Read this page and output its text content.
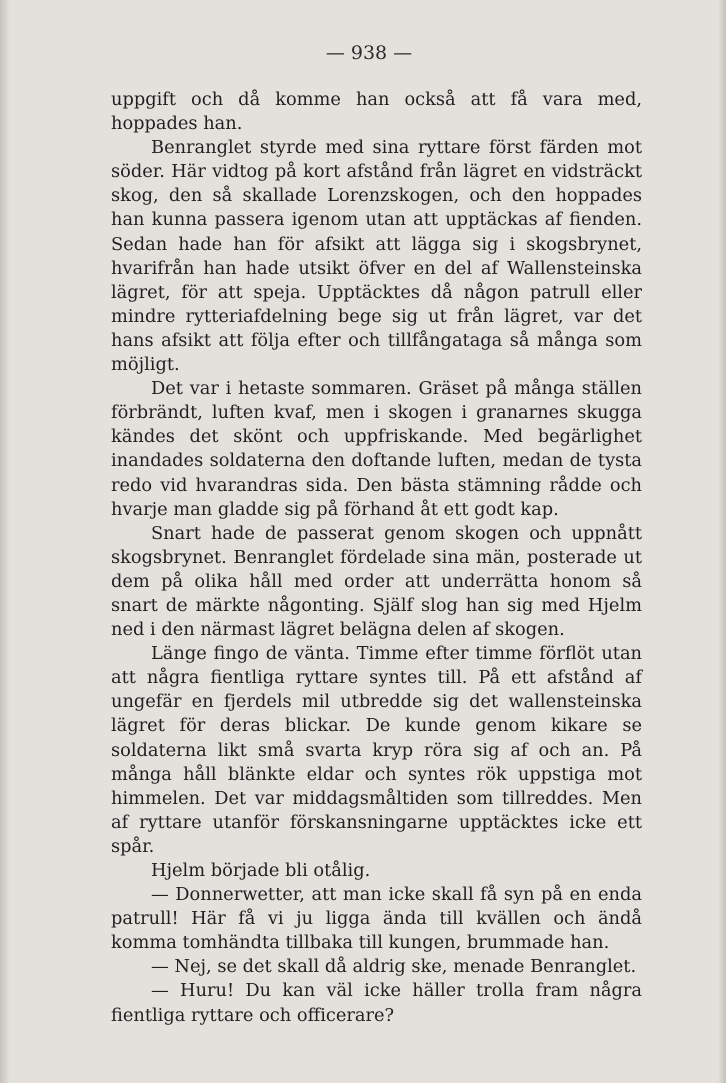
— 938 —

uppgift och då komme han också att få vara med, hoppades han.

Benranglet styrde med sina ryttare först färden mot söder. Här vidtog på kort afstånd från lägret en vidsträckt skog, den så skallade Lorenzskogen, och den hoppades han kunna passera igenom utan att upptäckas af fienden. Sedan hade han för afsikt att lägga sig i skogsbrynet, hvarifrån han hade utsikt öfver en del af Wallensteinska lägret, för att speja. Upptäcktes då någon patrull eller mindre rytteriafdelning bege sig ut från lägret, var det hans afsikt att följa efter och tillfångataga så många som möjligt.

Det var i hetaste sommaren. Gräset på många ställen förbrändt, luften kvaf, men i skogen i granarnes skugga kändes det skönt och uppfriskande. Med begärlighet inandades soldaterna den doftande luften, medan de tysta redo vid hvarandras sida. Den bästa stämning rådde och hvarje man gladde sig på förhand åt ett godt kap.

Snart hade de passerat genom skogen och uppnått skogsbrynet. Benranglet fördelade sina män, posterade ut dem på olika håll med order att underrätta honom så snart de märkte någonting. Själf slog han sig med Hjelm ned i den närmast lägret belägna delen af skogen.

Länge fingo de vänta. Timme efter timme förflöt utan att några fientliga ryttare syntes till. På ett afstånd af ungefär en fjerdels mil utbredde sig det wallensteinska lägret för deras blickar. De kunde genom kikare se soldaterna likt små svarta kryp röra sig af och an. På många håll blänkte eldar och syntes rök uppstiga mot himmelen. Det var middagsmåltiden som tillreddes. Men af ryttare utanför förskansningarne upptäcktes icke ett spår.

Hjelm började bli otålig.

— Donnerwetter, att man icke skall få syn på en enda patrull! Här få vi ju ligga ända till kvällen och ändå komma tomhändta tillbaka till kungen, brummade han.

— Nej, se det skall då aldrig ske, menade Benranglet.

— Huru! Du kan väl icke häller trolla fram några fientliga ryttare och officerare?
